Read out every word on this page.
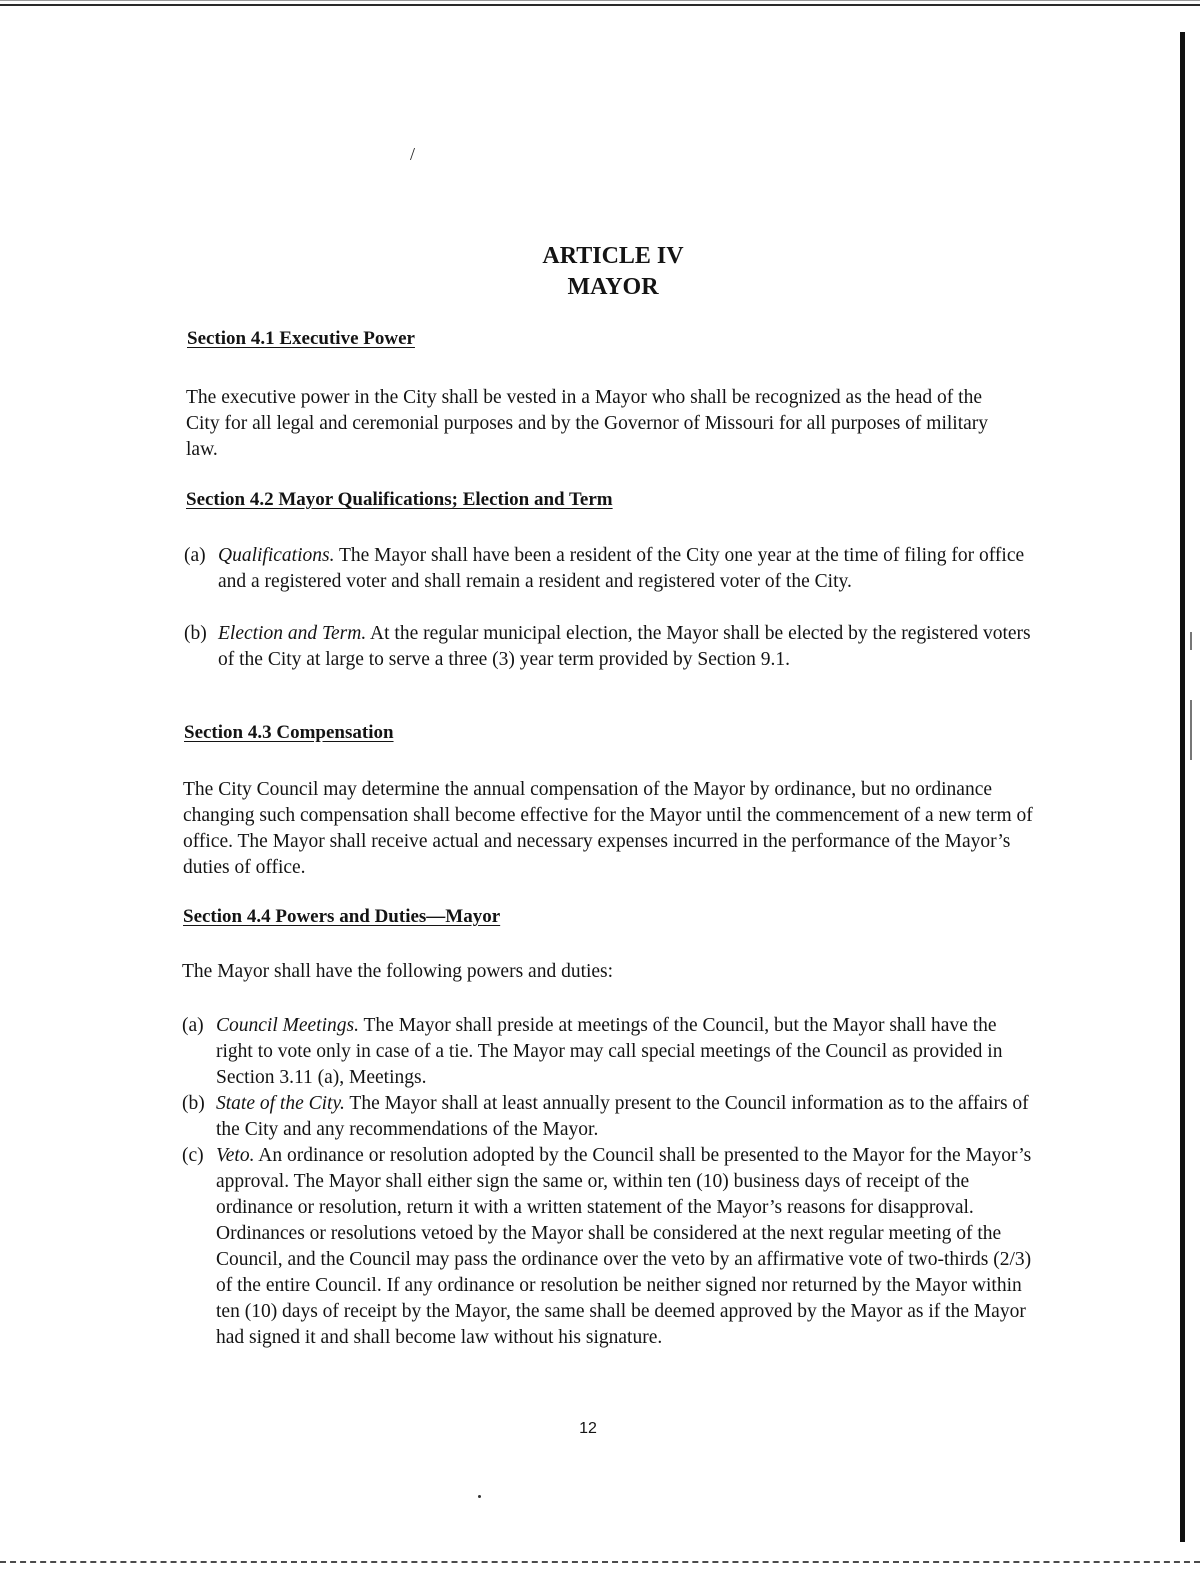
/
ARTICLE IV
MAYOR
Section 4.1 Executive Power
The executive power in the City shall be vested in a Mayor who shall be recognized as the head of the City for all legal and ceremonial purposes and by the Governor of Missouri for all purposes of military law.
Section 4.2 Mayor Qualifications; Election and Term
(a) Qualifications. The Mayor shall have been a resident of the City one year at the time of filing for office and a registered voter and shall remain a resident and registered voter of the City.
(b) Election and Term. At the regular municipal election, the Mayor shall be elected by the registered voters of the City at large to serve a three (3) year term provided by Section 9.1.
Section 4.3 Compensation
The City Council may determine the annual compensation of the Mayor by ordinance, but no ordinance changing such compensation shall become effective for the Mayor until the commencement of a new term of office. The Mayor shall receive actual and necessary expenses incurred in the performance of the Mayor’s duties of office.
Section 4.4 Powers and Duties—Mayor
The Mayor shall have the following powers and duties:
(a) Council Meetings. The Mayor shall preside at meetings of the Council, but the Mayor shall have the right to vote only in case of a tie. The Mayor may call special meetings of the Council as provided in Section 3.11 (a), Meetings.
(b) State of the City. The Mayor shall at least annually present to the Council information as to the affairs of the City and any recommendations of the Mayor.
(c) Veto. An ordinance or resolution adopted by the Council shall be presented to the Mayor for the Mayor’s approval. The Mayor shall either sign the same or, within ten (10) business days of receipt of the ordinance or resolution, return it with a written statement of the Mayor’s reasons for disapproval. Ordinances or resolutions vetoed by the Mayor shall be considered at the next regular meeting of the Council, and the Council may pass the ordinance over the veto by an affirmative vote of two-thirds (2/3) of the entire Council. If any ordinance or resolution be neither signed nor returned by the Mayor within ten (10) days of receipt by the Mayor, the same shall be deemed approved by the Mayor as if the Mayor had signed it and shall become law without his signature.
12
